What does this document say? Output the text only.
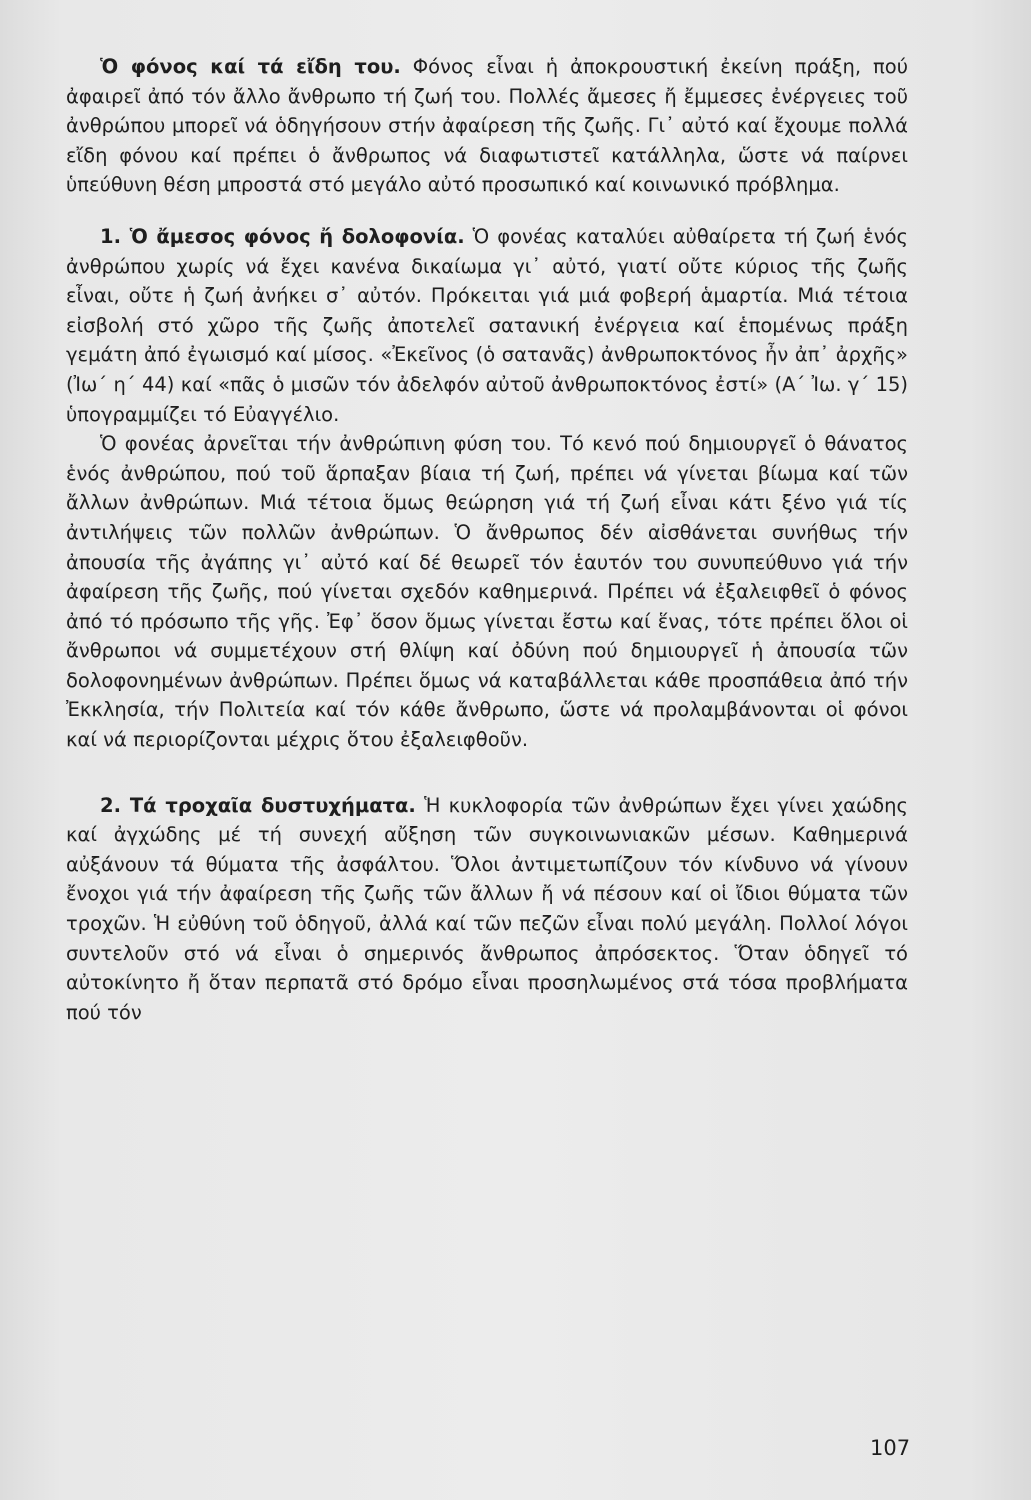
Ὁ φόνος καί τά εἴδη του. Φόνος εἶναι ἡ ἀποκρουστική ἐκείνη πράξη, πού ἀφαιρεῖ ἀπό τόν ἄλλο ἄνθρωπο τή ζωή του. Πολλές ἄμεσες ἤ ἔμμεσες ἐνέργειες τοῦ ἀνθρώπου μπορεῖ νά ὁδηγήσουν στήν ἀφαίρεση τῆς ζωῆς. Γι᾿ αὐτό καί ἔχουμε πολλά εἴδη φόνου καί πρέπει ὁ ἄνθρωπος νά διαφωτιστεῖ κατάλληλα, ὥστε νά παίρνει ὑπεύθυνη θέση μπροστά στό μεγάλο αὐτό προσωπικό καί κοινωνικό πρόβλημα.

1. Ὁ ἄμεσος φόνος ἤ δολοφονία. Ὁ φονέας καταλύει αὐθαίρετα τή ζωή ἑνός ἀνθρώπου χωρίς νά ἔχει κανένα δικαίωμα γι᾿ αὐτό, γιατί οὔτε κύριος τῆς ζωῆς εἶναι, οὔτε ἡ ζωή ἀνήκει σ᾿ αὐτόν. Πρόκειται γιά μιά φοβερή ἁμαρτία. Μιά τέτοια εἰσβολή στό χῶρο τῆς ζωῆς ἀποτελεῖ σατανική ἐνέργεια καί ἑπομένως πράξη γεμάτη ἀπό ἐγωισμό καί μίσος. «Ἐκεῖνος (ὁ σατανᾶς) ἀνθρωποκτόνος ἦν ἀπ᾿ ἀρχῆς» (Ἰω΄ η΄ 44) καί «πᾶς ὁ μισῶν τόν ἀδελφόν αὐτοῦ ἀνθρωποκτόνος ἐστί» (Α΄ Ἰω. γ΄ 15) ὑπογραμμίζει τό Εὐαγγέλιο.

Ὁ φονέας ἀρνεῖται τήν ἀνθρώπινη φύση του. Τό κενό πού δημιουργεῖ ὁ θάνατος ἑνός ἀνθρώπου, πού τοῦ ἅρπαξαν βίαια τή ζωή, πρέπει νά γίνεται βίωμα καί τῶν ἄλλων ἀνθρώπων. Μιά τέτοια ὅμως θεώρηση γιά τή ζωή εἶναι κάτι ξένο γιά τίς ἀντιλήψεις τῶν πολλῶν ἀνθρώπων. Ὁ ἄνθρωπος δέν αἰσθάνεται συνήθως τήν ἀπουσία τῆς ἀγάπης γι᾿ αὐτό καί δέ θεωρεῖ τόν ἑαυτόν του συνυπεύθυνο γιά τήν ἀφαίρεση τῆς ζωῆς, πού γίνεται σχεδόν καθημερινά. Πρέπει νά ἐξαλειφθεῖ ὁ φόνος ἀπό τό πρόσωπο τῆς γῆς. Ἐφ᾿ ὅσον ὅμως γίνεται ἔστω καί ἕνας, τότε πρέπει ὅλοι οἱ ἄνθρωποι νά συμμετέχουν στή θλίψη καί ὀδύνη πού δημιουργεῖ ἡ ἀπουσία τῶν δολοφονημένων ἀνθρώπων. Πρέπει ὅμως νά καταβάλλεται κάθε προσπάθεια ἀπό τήν Ἐκκλησία, τήν Πολιτεία καί τόν κάθε ἄνθρωπο, ὥστε νά προλαμβάνονται οἱ φόνοι καί νά περιορίζονται μέχρις ὅτου ἐξαλειφθοῦν.

2. Τά τροχαῖα δυστυχήματα. Ἡ κυκλοφορία τῶν ἀνθρώπων ἔχει γίνει χαώδης καί ἀγχώδης μέ τή συνεχή αὔξηση τῶν συγκοινωνιακῶν μέσων. Καθημερινά αὐξάνουν τά θύματα τῆς ἀσφάλτου. Ὅλοι ἀντιμετωπίζουν τόν κίνδυνο νά γίνουν ἔνοχοι γιά τήν ἀφαίρεση τῆς ζωῆς τῶν ἄλλων ἤ νά πέσουν καί οἱ ἴδιοι θύματα τῶν τροχῶν. Ἡ εὐθύνη τοῦ ὁδηγοῦ, ἀλλά καί τῶν πεζῶν εἶναι πολύ μεγάλη. Πολλοί λόγοι συντελοῦν στό νά εἶναι ὁ σημερινός ἄνθρωπος ἀπρόσεκτος. Ὅταν ὁδηγεῖ τό αὐτοκίνητο ἤ ὅταν περπατᾶ στό δρόμο εἶναι προσηλωμένος στά τόσα προβλήματα πού τόν

107
